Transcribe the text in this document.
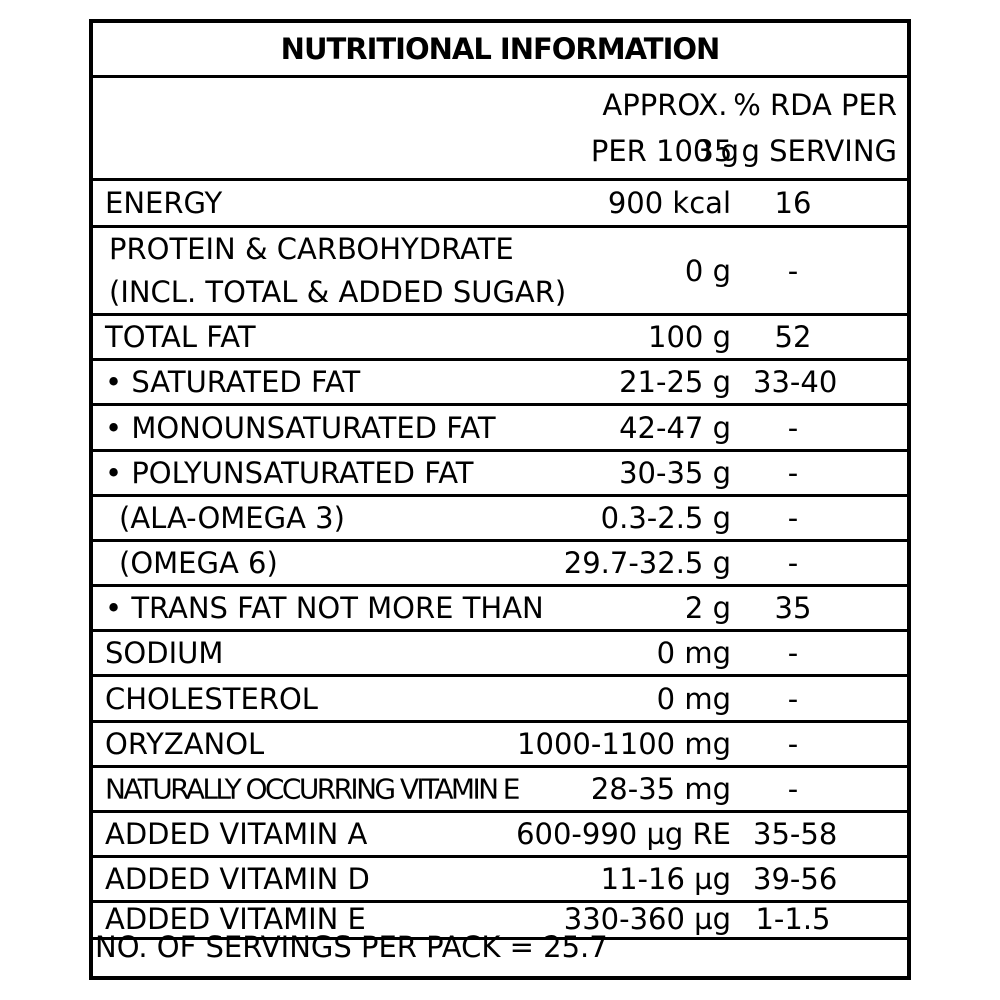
NUTRITIONAL INFORMATION
APPROX.
PER 100 g
% RDA PER
35 g SERVING
ENERGY	900 kcal	16
PROTEIN & CARBOHYDRATE
(INCL. TOTAL & ADDED SUGAR)
0 g	-
TOTAL FAT	100 g	52
• SATURATED FAT	21-25 g 33-40
• MONOUNSATURATED FAT	42-47 g	-
• POLYUNSATURATED FAT	30-35 g	-
(ALA-OMEGA 3)	0.3-2.5 g	-
(OMEGA 6)	29.7-32.5 g	-
• TRANS FAT NOT MORE THAN	2 g	35
SODIUM	0 mg	-
CHOLESTEROL	0 mg	-
ORYZANOL	1000-1100 mg	-
NATURALLY OCCURRING VITAMIN E	28-35 mg	-
ADDED VITAMIN A	600-990 µg RE 35-58
ADDED VITAMIN D	11-16 µg 39-56
ADDED VITAMIN E	330-360 µg 1-1.5
NO. OF SERVINGS PER PACK = 25.7
